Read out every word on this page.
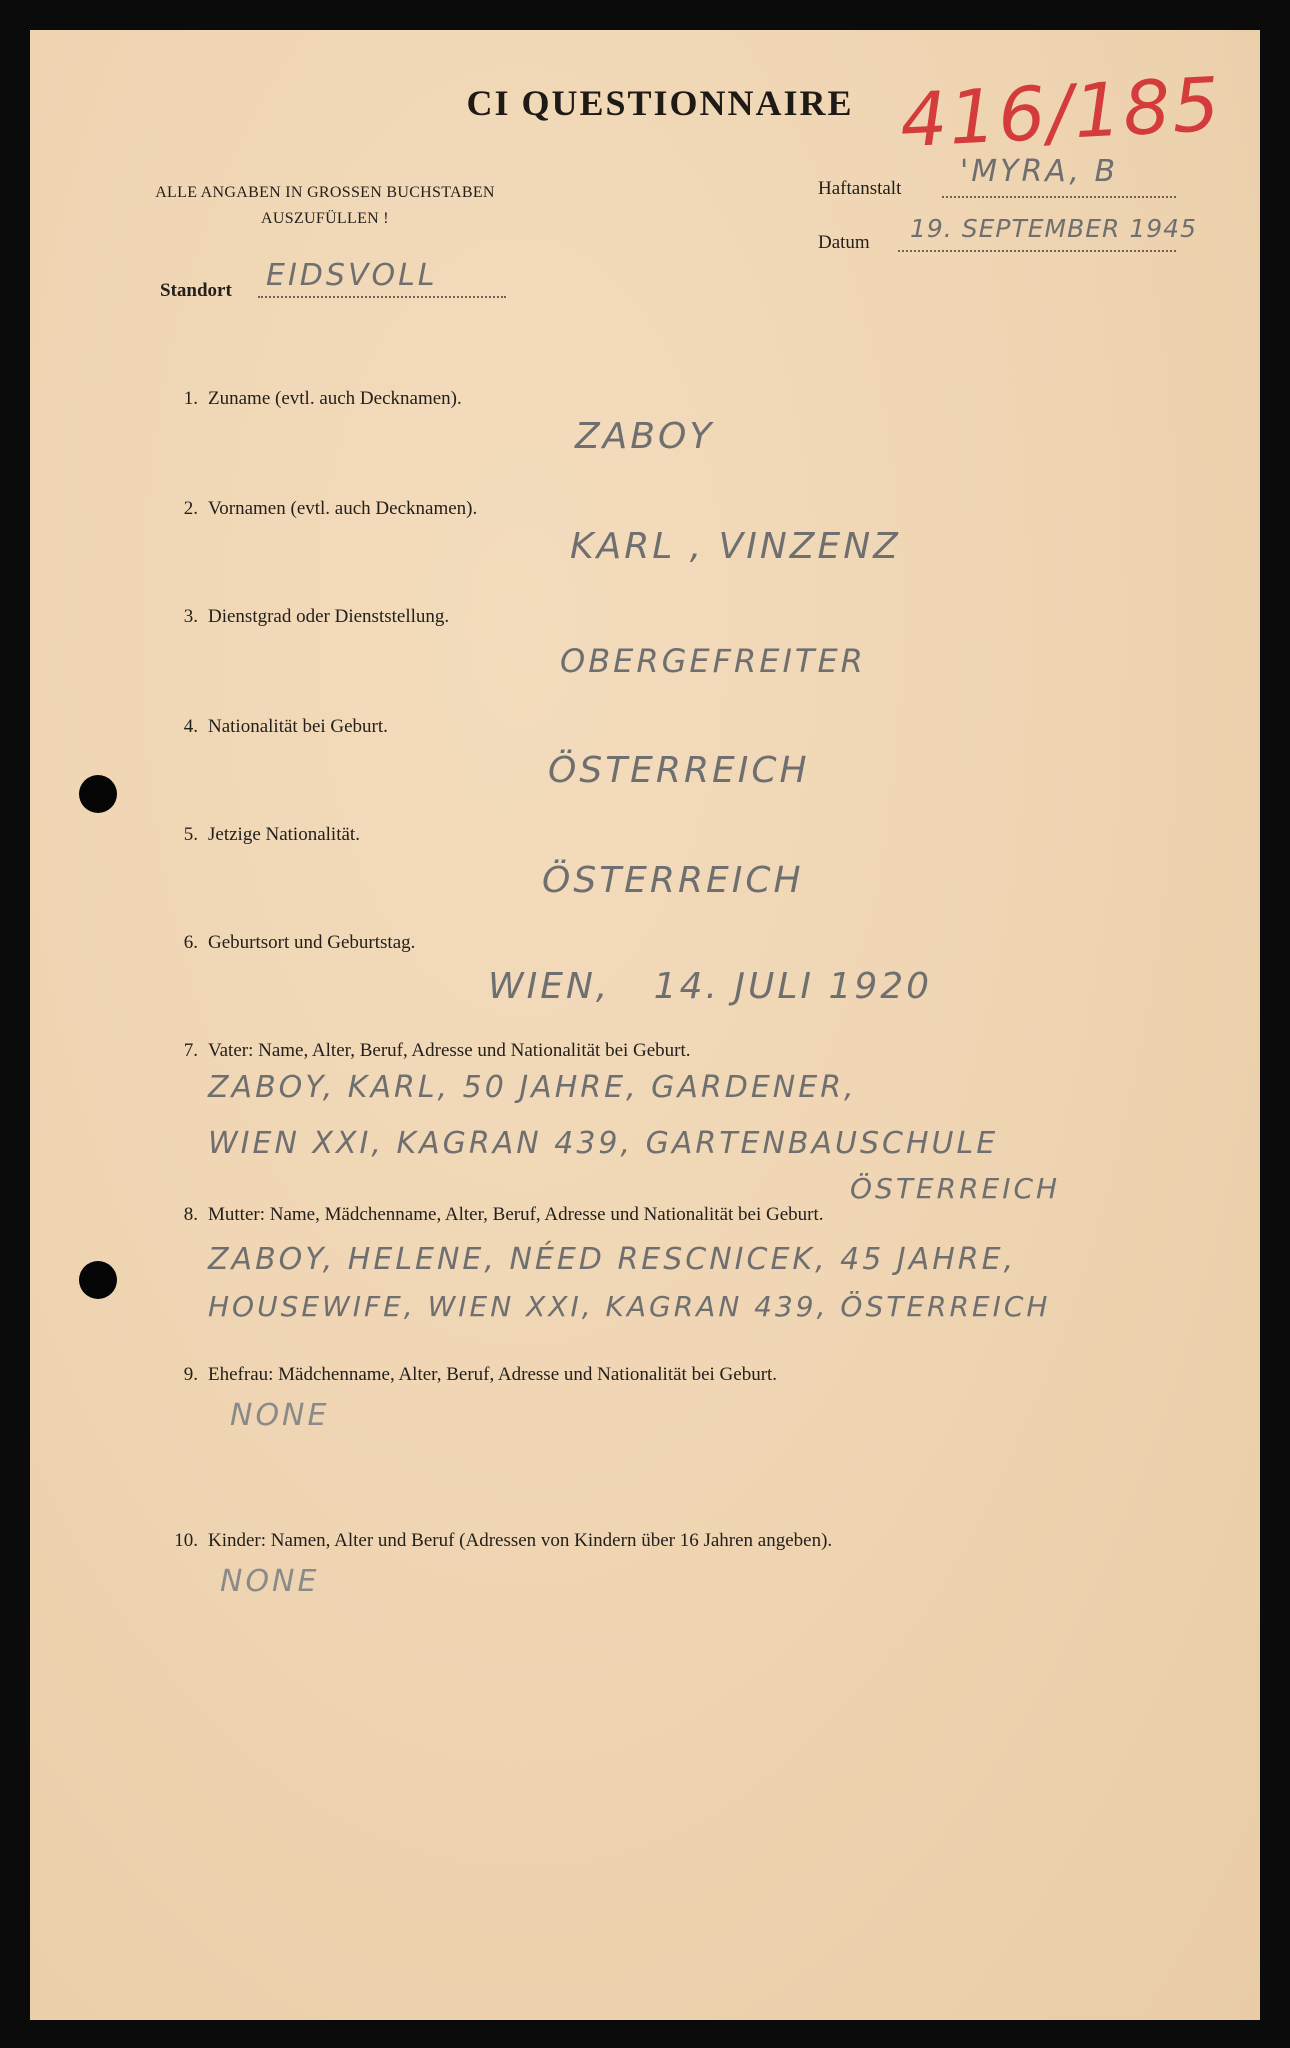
416/185
CI QUESTIONNAIRE
ALLE ANGABEN IN GROSSEN BUCHSTABEN
AUSZUFÜLLEN !
Haftanstalt 'MYRA, B
Datum 19. SEPTEMBER 1945
Standort EIDSVOLL
1. Zuname (evtl. auch Decknamen).
ZABOY
2. Vornamen (evtl. auch Decknamen).
KARL , VINZENZ
3. Dienstgrad oder Dienststellung.
OBERGEFREITER
4. Nationalität bei Geburt.
ÖSTERREICH
5. Jetzige Nationalität.
ÖSTERREICH
6. Geburtsort und Geburtstag.
WIEN,   14. JULI 1920
7. Vater: Name, Alter, Beruf, Adresse und Nationalität bei Geburt.
ZABOY, KARL, 50 JAHRE, GARDENER,
WIEN XXI, KAGRAN 439, GARTENBAUSCHULE
ÖSTERREICH
8. Mutter: Name, Mädchenname, Alter, Beruf, Adresse und Nationalität bei Geburt.
ZABOY, HELENE, NÉED RESCNICEK, 45 JAHRE,
HOUSEWIFE, WIEN XXI, KAGRAN 439, ÖSTERREICH
9. Ehefrau: Mädchenname, Alter, Beruf, Adresse und Nationalität bei Geburt.
NONE
10. Kinder: Namen, Alter und Beruf (Adressen von Kindern über 16 Jahren angeben).
NONE
